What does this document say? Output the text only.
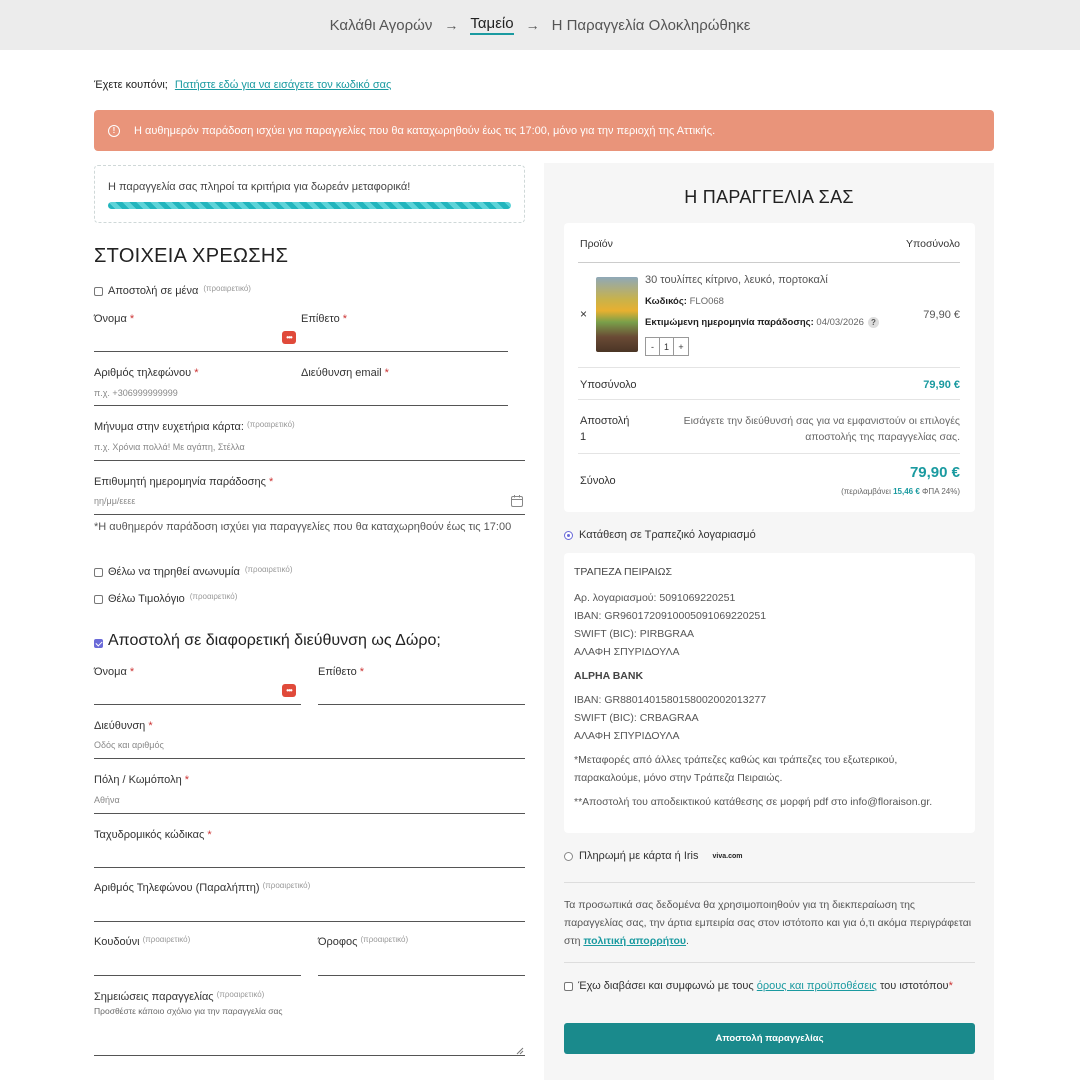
Καλάθι Αγορών → Ταμείο → Η Παραγγελία Ολοκληρώθηκε
Έχετε κουπόνι; Πατήστε εδώ για να εισάγετε τον κωδικό σας
!	Η αυθημερόν παράδοση ισχύει για παραγγελίες που θα καταχωρηθούν έως τις 17:00, μόνο για την περιοχή της Αττικής.
Η παραγγελία σας πληροί τα κριτήρια για δωρεάν μεταφορικά!
ΣΤΟΙΧΕΙΑ ΧΡΕΩΣΗΣ
Αποστολή σε μένα (προαιρετικό)
Όνομα *
•••
Επίθετο *
Αριθμός τηλεφώνου *
π.χ. +306999999999
Διεύθυνση email *
Μήνυμα στην ευχετήρια κάρτα: $^{(\pi\rho o\alpha\iota\rho\varepsilon\tau\iota\kappa ό)}$
π.χ. Χρόνια πολλά! Με αγάπη, Στέλλα
Επιθυμητή ημερομηνία παράδοσης *
ηη/μμ/εεεε
*Η αυθημερόν παράδοση ισχύει για παραγγελίες που θα καταχωρηθούν έως τις 17:00
Θέλω να τηρηθεί ανωνυμία (προαιρετικό)
Θέλω Τιμολόγιο (προαιρετικό)
Αποστολή σε διαφορετική διεύθυνση ως Δώρο;
Όνομα *
•••
Επίθετο *
Διεύθυνση *
Οδός και αριθμός
Πόλη / Κωμόπολη *
Αθήνα
Ταχυδρομικός κώδικας *
Αριθμός Τηλεφώνου (Παραλήπτη) $^{(\pi\rho o\alpha\iota\rho\varepsilon\tau\iota\kappa ό)}$
Κουδούνι $^{(\pi\rho o\alpha\iota\rho\varepsilon\tau\iota\kappa ό)}$	Όροφος $^{(\pi\rho o\alpha\iota\rho\varepsilon\tau\iota\kappa ό)}$
Σημειώσεις παραγγελίας $^{(\pi\rho o\alpha\iota\rho\varepsilon\tau\iota\kappa ό)}$
Προσθέστε κάποιο σχόλιο για την παραγγελία σας
Η ΠΑΡΑΓΓΕΛΙΑ ΣΑΣ
Προϊόν	Υποσύνολο
×
30 τουλίπες κίτρινο, λευκό, πορτοκαλί
Κωδικός: FLO068
Εκτιμώμενη ημερομηνία παράδοσης: 04/03/2026 ?
-	1	+
79,90 €
Υποσύνολο	79,90 €
Αποστολή
1
Εισάγετε την διεύθυνσή σας για να εμφανιστούν οι επιλογές αποστολής της παραγγελίας σας.
Σύνολο	79,90 €
(περιλαμβάνει 15,46 € ΦΠΑ 24%)
Κατάθεση σε Τραπεζικό λογαριασμό
ΤΡΑΠΕΖΑ ΠΕΙΡΑΙΩΣ
Αρ. λογαριασμού: 5091069220251
IBAN: GR9601720910005091069220251
SWIFT (BIC): PIRBGRAA
ΑΛΑΦΗ ΣΠΥΡΙΔΟΥΛΑ
ALPHA BANK
IBAN: GR8801401580158002002013277
SWIFT (BIC): CRBAGRAA
ΑΛΑΦΗ ΣΠΥΡΙΔΟΥΛΑ
*Μεταφορές από άλλες τράπεζες καθώς και τράπεζες του εξωτερικού, παρακαλούμε, μόνο στην Τράπεζα Πειραιώς.
**Αποστολή του αποδεικτικού κατάθεσης σε μορφή pdf στο info@floraison.gr.
Πληρωμή με κάρτα ή Iris viva.com
Τα προσωπικά σας δεδομένα θα χρησιμοποιηθούν για τη διεκπεραίωση της παραγγελίας σας, την άρτια εμπειρία σας στον ιστότοπο και για ό,τι ακόμα περιγράφεται στη πολιτική απορρήτου.
Έχω διαβάσει και συμφωνώ με τους όρους και προϋποθέσεις του ιστοτόπου*
Αποστολή παραγγελίας
